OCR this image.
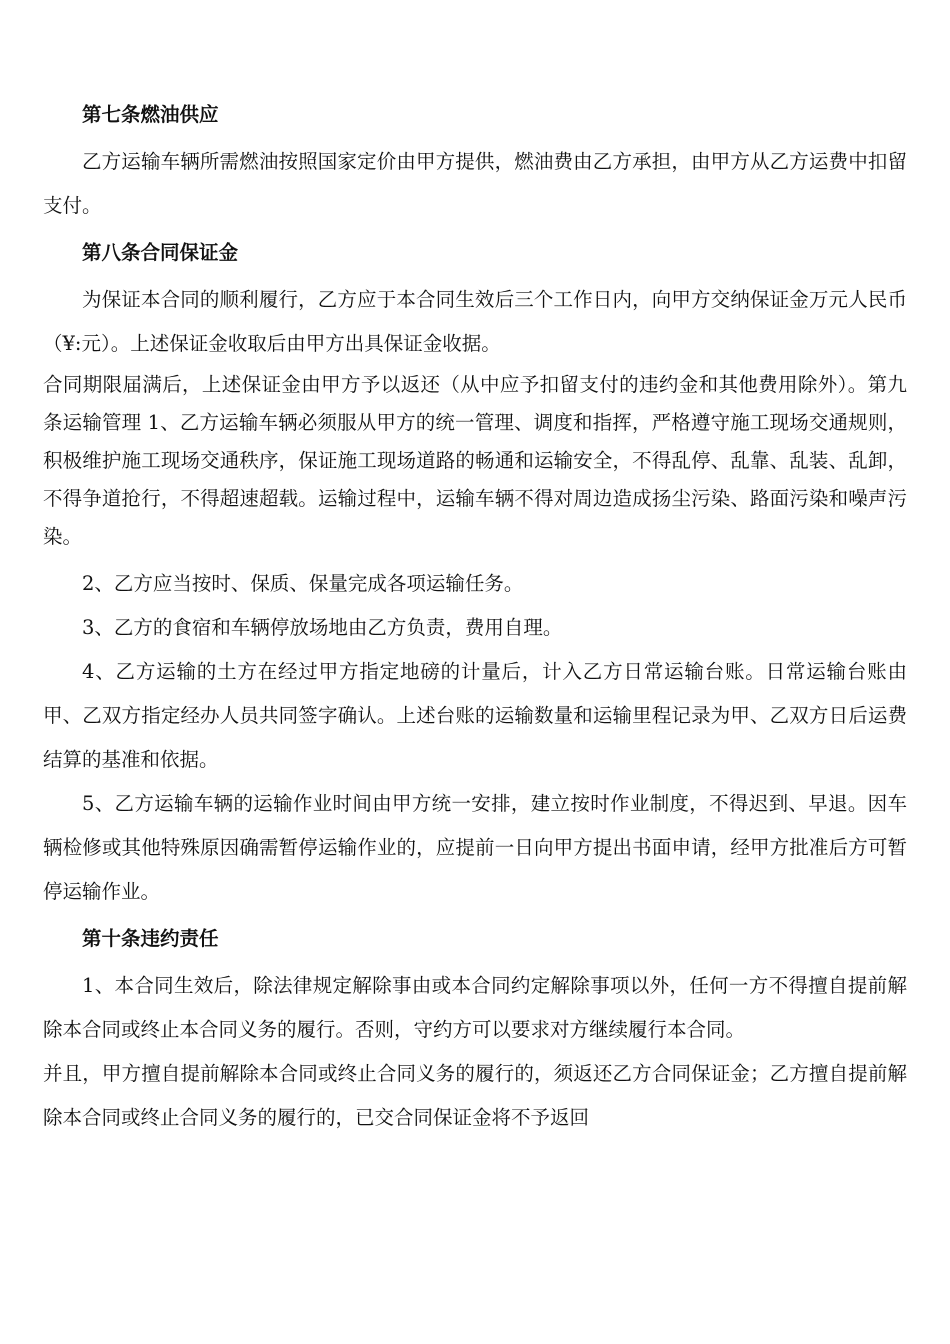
第七条燃油供应

乙方运输车辆所需燃油按照国家定价由甲方提供，燃油费由乙方承担，由甲方从乙方运费中扣留支付。

第八条合同保证金

为保证本合同的顺利履行，乙方应于本合同生效后三个工作日内，向甲方交纳保证金万元人民币（¥:元）。上述保证金收取后由甲方出具保证金收据。

合同期限届满后，上述保证金由甲方予以返还（从中应予扣留支付的违约金和其他费用除外）。第九条运输管理 1、乙方运输车辆必须服从甲方的统一管理、调度和指挥，严格遵守施工现场交通规则，积极维护施工现场交通秩序，保证施工现场道路的畅通和运输安全，不得乱停、乱靠、乱装、乱卸，不得争道抢行，不得超速超载。运输过程中，运输车辆不得对周边造成扬尘污染、路面污染和噪声污染。

2、乙方应当按时、保质、保量完成各项运输任务。

3、乙方的食宿和车辆停放场地由乙方负责，费用自理。

4、乙方运输的土方在经过甲方指定地磅的计量后，计入乙方日常运输台账。日常运输台账由甲、乙双方指定经办人员共同签字确认。上述台账的运输数量和运输里程记录为甲、乙双方日后运费结算的基准和依据。

5、乙方运输车辆的运输作业时间由甲方统一安排，建立按时作业制度，不得迟到、早退。因车辆检修或其他特殊原因确需暂停运输作业的，应提前一日向甲方提出书面申请，经甲方批准后方可暂停运输作业。

第十条违约责任

1、本合同生效后，除法律规定解除事由或本合同约定解除事项以外，任何一方不得擅自提前解除本合同或终止本合同义务的履行。否则，守约方可以要求对方继续履行本合同。

并且，甲方擅自提前解除本合同或终止合同义务的履行的，须返还乙方合同保证金；乙方擅自提前解除本合同或终止合同义务的履行的，已交合同保证金将不予返回
